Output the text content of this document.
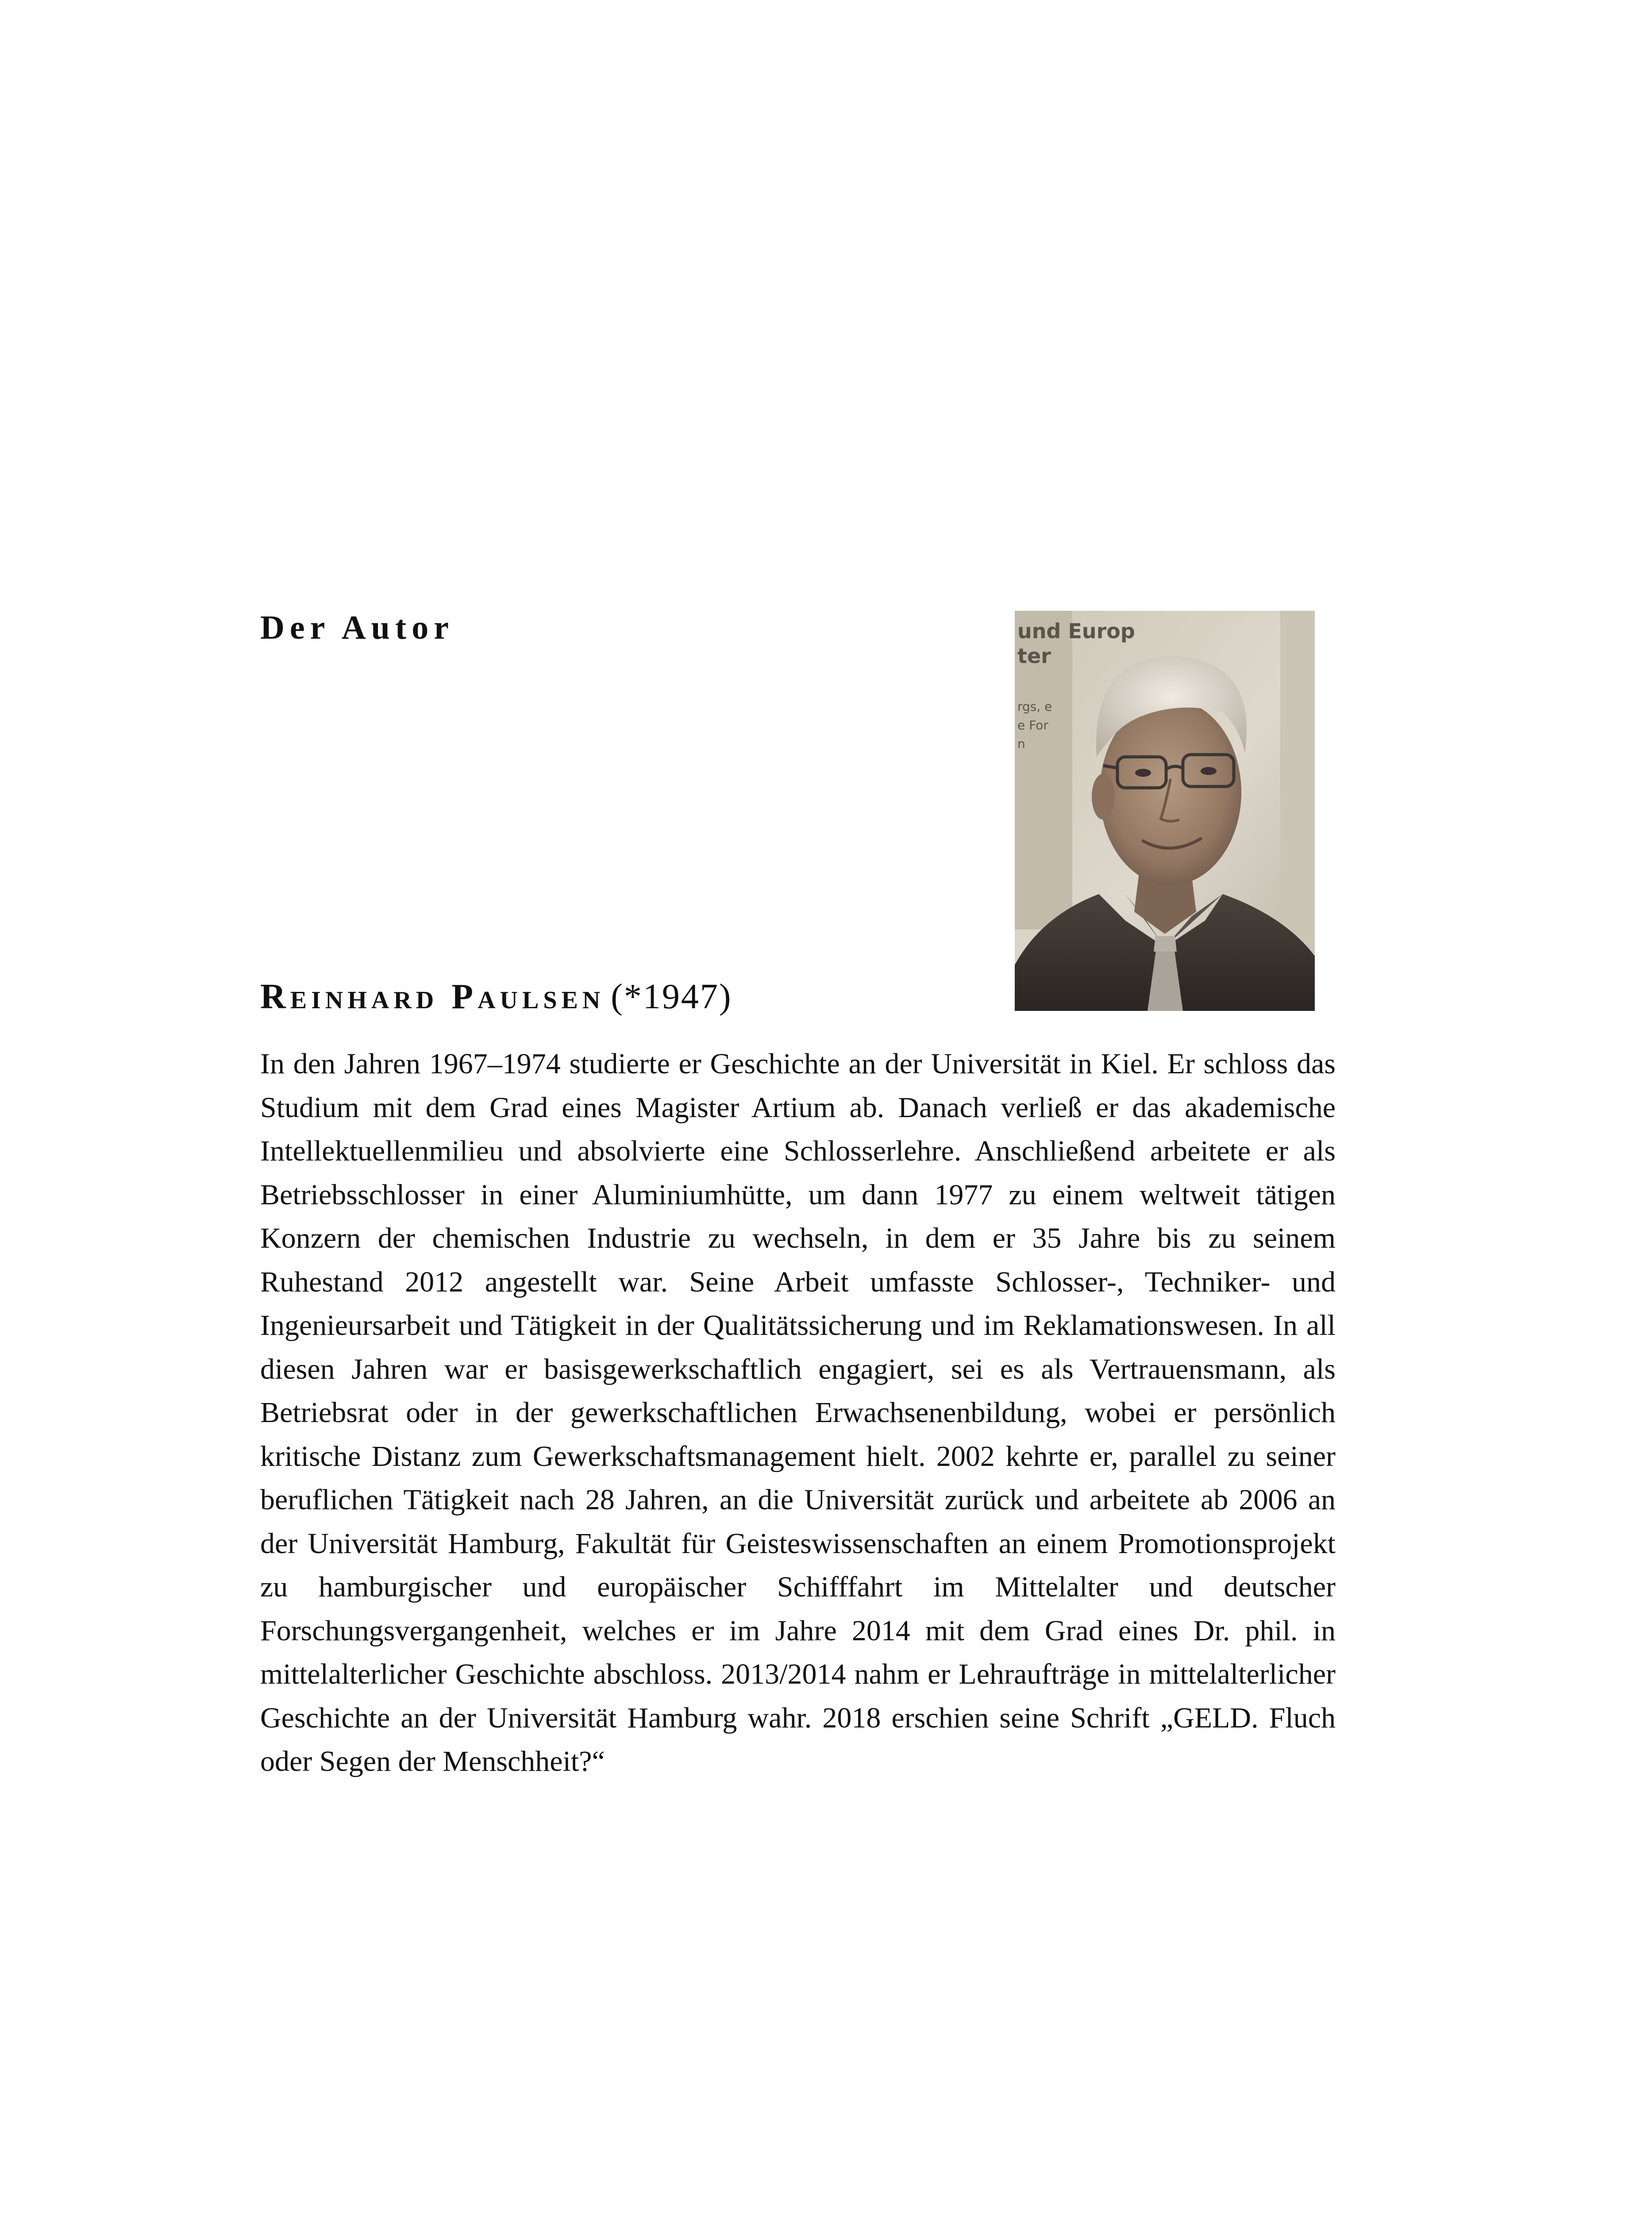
Der Autor	und Europ
ter
rgs, e
e For
n

Reinhard Paulsen (*1947)

In den Jahren 1967–1974 studierte er Geschichte an der Universität in Kiel. Er schloss das Studium mit dem Grad eines Magister Artium ab. Danach verließ er das akademische Intellektuellenmilieu und absolvierte eine Schlosserlehre. Anschließend arbeitete er als Betriebsschlosser in einer Aluminiumhütte, um dann 1977 zu einem weltweit tätigen Konzern der chemischen Industrie zu wechseln, in dem er 35 Jahre bis zu seinem Ruhestand 2012 angestellt war. Seine Arbeit umfasste Schlosser-, Techniker- und Ingenieursarbeit und Tätigkeit in der Qualitätssicherung und im Reklamationswesen. In all diesen Jahren war er basisgewerkschaftlich engagiert, sei es als Vertrauensmann, als Betriebsrat oder in der gewerkschaftlichen Erwachsenenbildung, wobei er persönlich kritische Distanz zum Gewerkschaftsmanagement hielt. 2002 kehrte er, parallel zu seiner beruflichen Tätigkeit nach 28 Jahren, an die Universität zurück und arbeitete ab 2006 an der Universität Hamburg, Fakultät für Geisteswissenschaften an einem Promotionsprojekt zu hamburgischer und europäischer Schifffahrt im Mittelalter und deutscher Forschungsvergangenheit, welches er im Jahre 2014 mit dem Grad eines Dr. phil. in mittelalterlicher Geschichte abschloss. 2013/2014 nahm er Lehraufträge in mittelalterlicher Geschichte an der Universität Hamburg wahr. 2018 erschien seine Schrift „GELD. Fluch oder Segen der Menschheit?“
